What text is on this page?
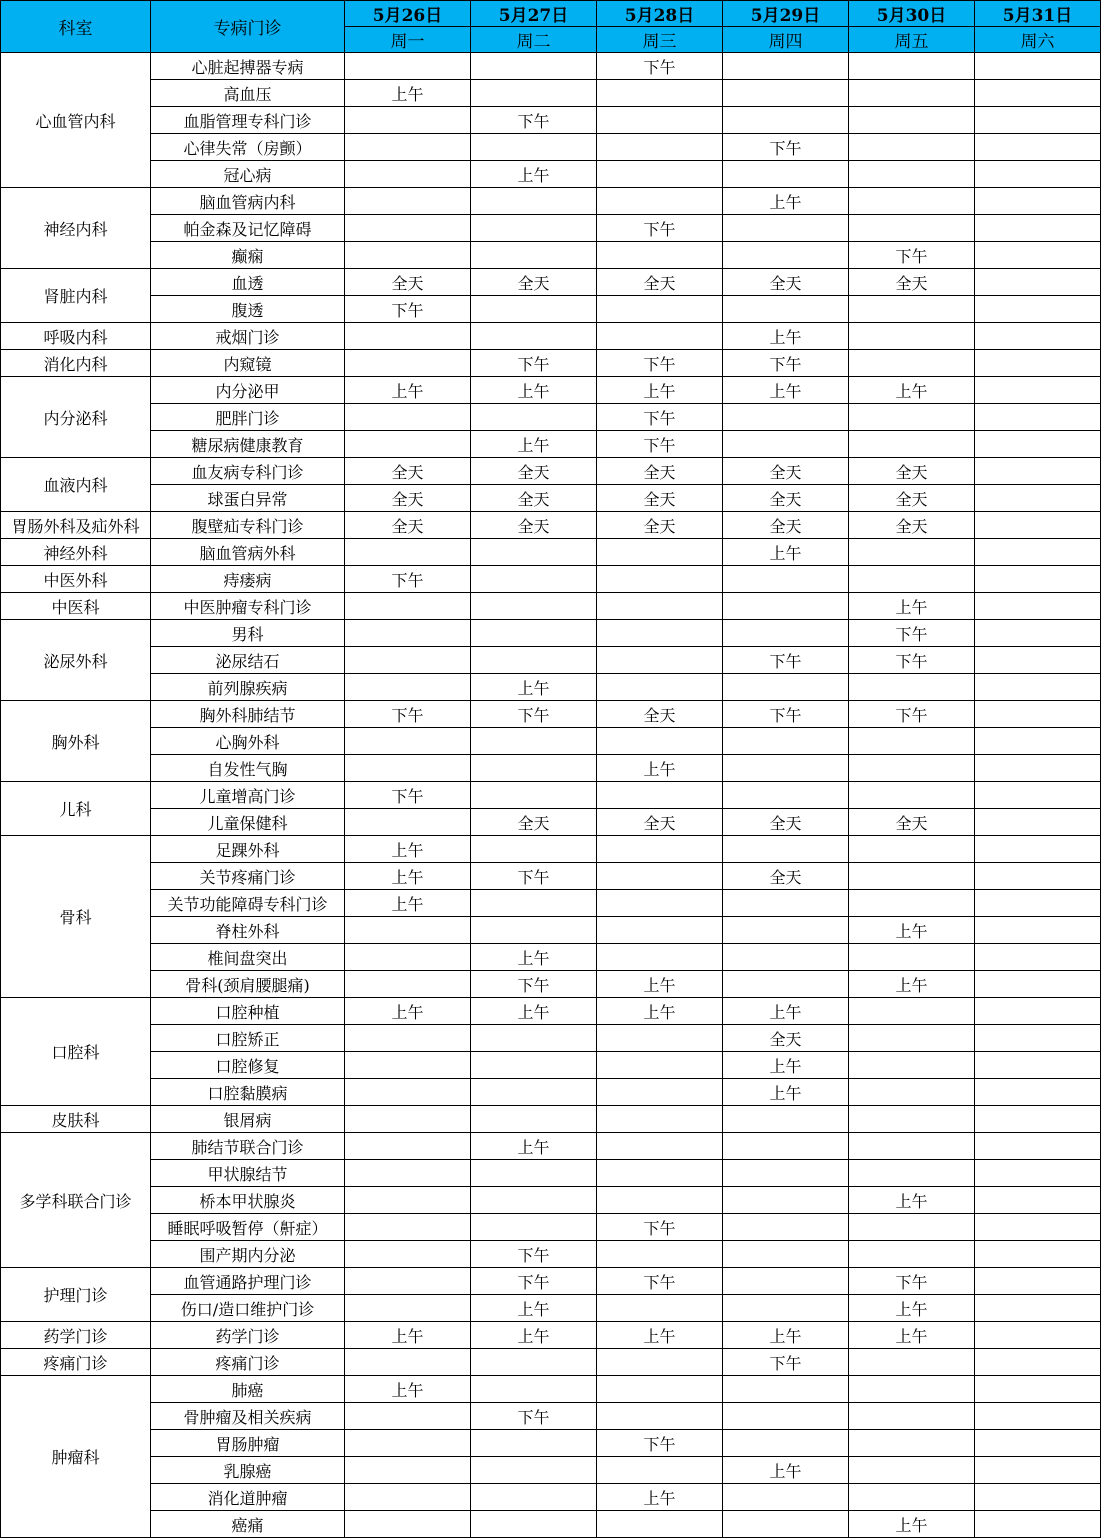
科室	专病门诊	5月26日	5月27日	5月28日	5月29日	5月30日	5月31日
		周一	周二	周三	周四	周五	周六
心血管内科	心脏起搏器专病			下午			
	高血压	上午					
	血脂管理专科门诊		下午				
	心律失常（房颤）				下午		
	冠心病		上午				
神经内科	脑血管病内科				上午		
	帕金森及记忆障碍			下午			
	癫痫					下午	
肾脏内科	血透	全天	全天	全天	全天	全天	
	腹透	下午					
呼吸内科	戒烟门诊				上午		
消化内科	内窥镜		下午	下午	下午		
内分泌科	内分泌甲	上午	上午	上午	上午	上午	
	肥胖门诊			下午			
	糖尿病健康教育		上午	下午			
血液内科	血友病专科门诊	全天	全天	全天	全天	全天	
	球蛋白异常	全天	全天	全天	全天	全天	
胃肠外科及疝外科	腹壁疝专科门诊	全天	全天	全天	全天	全天	
神经外科	脑血管病外科				上午		
中医外科	痔瘘病	下午					
中医科	中医肿瘤专科门诊					上午	
泌尿外科	男科					下午	
	泌尿结石				下午	下午	
	前列腺疾病		上午				
胸外科	胸外科肺结节	下午	下午	全天	下午	下午	
	心胸外科						
	自发性气胸			上午			
儿科	儿童增高门诊	下午					
	儿童保健科		全天	全天	全天	全天	
骨科	足踝外科	上午					
	关节疼痛门诊	上午	下午		全天		
	关节功能障碍专科门诊	上午					
	脊柱外科					上午	
	椎间盘突出		上午				
	骨科(颈肩腰腿痛)		下午	上午		上午	
口腔科	口腔种植	上午	上午	上午	上午		
	口腔矫正				全天		
	口腔修复				上午		
	口腔黏膜病				上午		
皮肤科	银屑病						
多学科联合门诊	肺结节联合门诊		上午				
	甲状腺结节						
	桥本甲状腺炎					上午	
	睡眠呼吸暂停（鼾症）			下午			
	围产期内分泌		下午				
护理门诊	血管通路护理门诊		下午	下午		下午	
	伤口/造口维护门诊		上午			上午	
药学门诊	药学门诊	上午	上午	上午	上午	上午	
疼痛门诊	疼痛门诊				下午		
肿瘤科	肺癌	上午					
	骨肿瘤及相关疾病		下午				
	胃肠肿瘤			下午			
	乳腺癌				上午		
	消化道肿瘤			上午			
	癌痛					上午	
